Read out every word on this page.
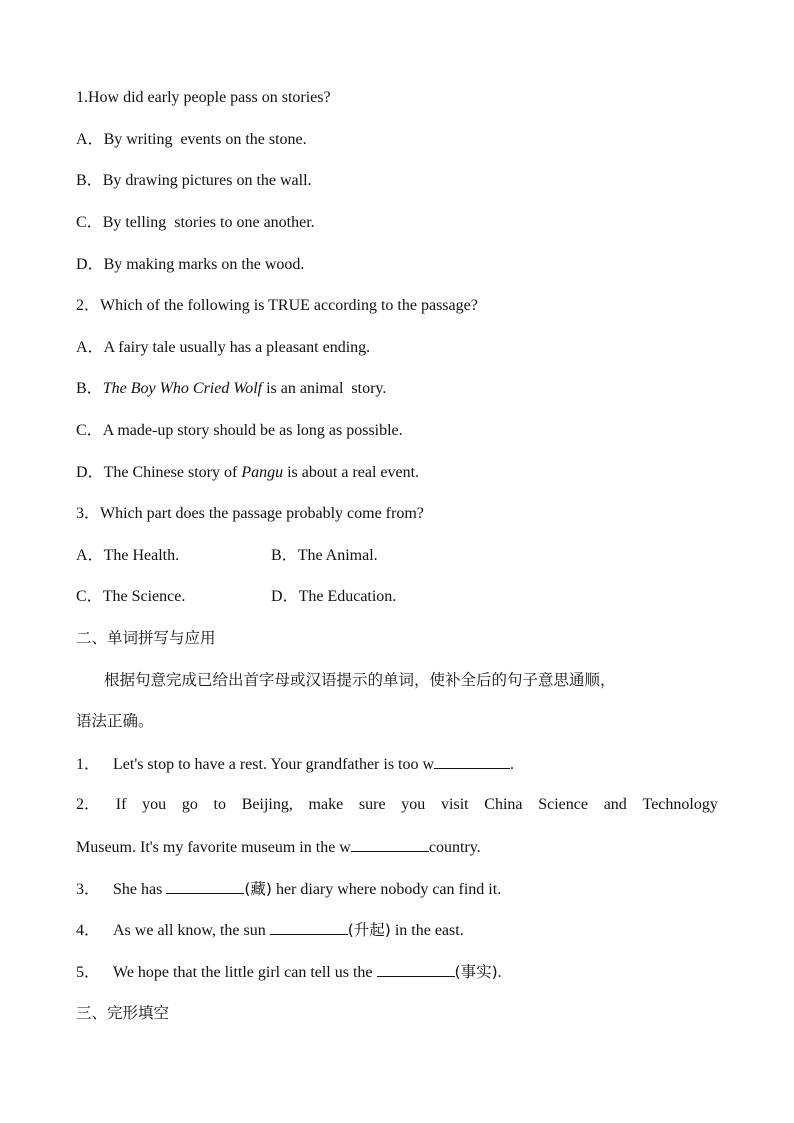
1.How did early people pass on stories?
A．By writing  events on the stone.
B．By drawing pictures on the wall.
C．By telling  stories to one another.
D．By making marks on the wood.
2．Which of the following is TRUE according to the passage?
A．A fairy tale usually has a pleasant ending.
B．The Boy Who Cried Wolf is an animal  story.
C．A made-up story should be as long as possible.
D．The Chinese story of Pangu is about a real event.
3．Which part does the passage probably come from?
A．The Health.	B．The Animal.
C．The Science.	D．The Education.
二、单词拼写与应用
根据句意完成已给出首字母或汉语提示的单词，使补全后的句子意思通顺，
语法正确。
1． Let's stop to have a rest. Your grandfather is too w	.
2． If you go to Beijing, make sure you visit China Science and Technology
Museum. It's my favorite museum in the w	country.
3． She has	(藏) her diary where nobody can find it.
4． As we all know, the sun	(升起) in the east.
5． We hope that the little girl can tell us the	(事实).
三、完形填空
